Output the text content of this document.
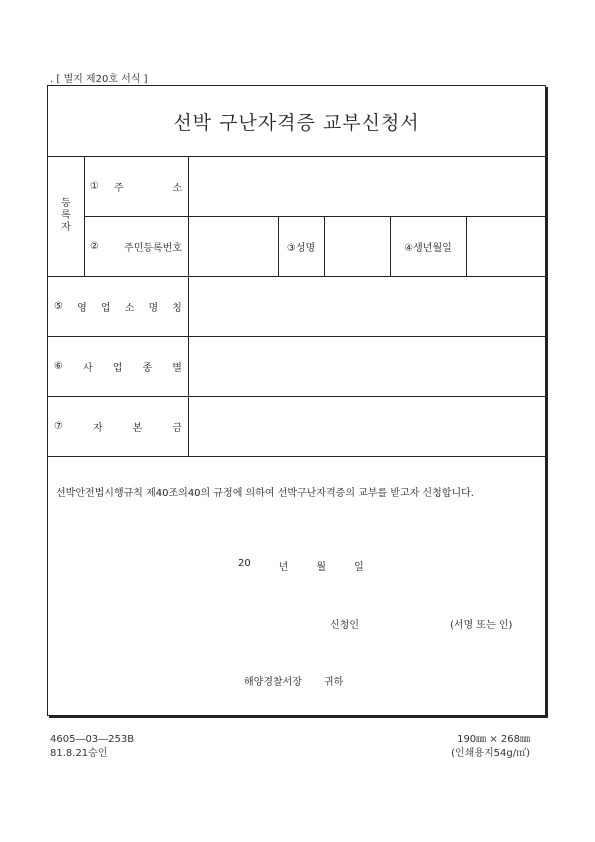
. [ 별지 제20호 서식 ]
선박 구난자격증 교부신청서
등
록
자
① 주	소
②	주민등록번호	③성명	④생년월일
⑤ 영 업 소 명 칭
⑥ 사 업 종 별
⑦	자	본	금
선박안전법시행규칙 제40조의40의 규정에 의하여 선박구난자격증의 교부를 받고자 신청합니다.
20	년	월	일
신청인	(서명 또는 인)
해양경찰서장 귀하
4605―03―253B
81.8.21승인
190㎜ × 268㎜
(인쇄용지54g/㎡)
